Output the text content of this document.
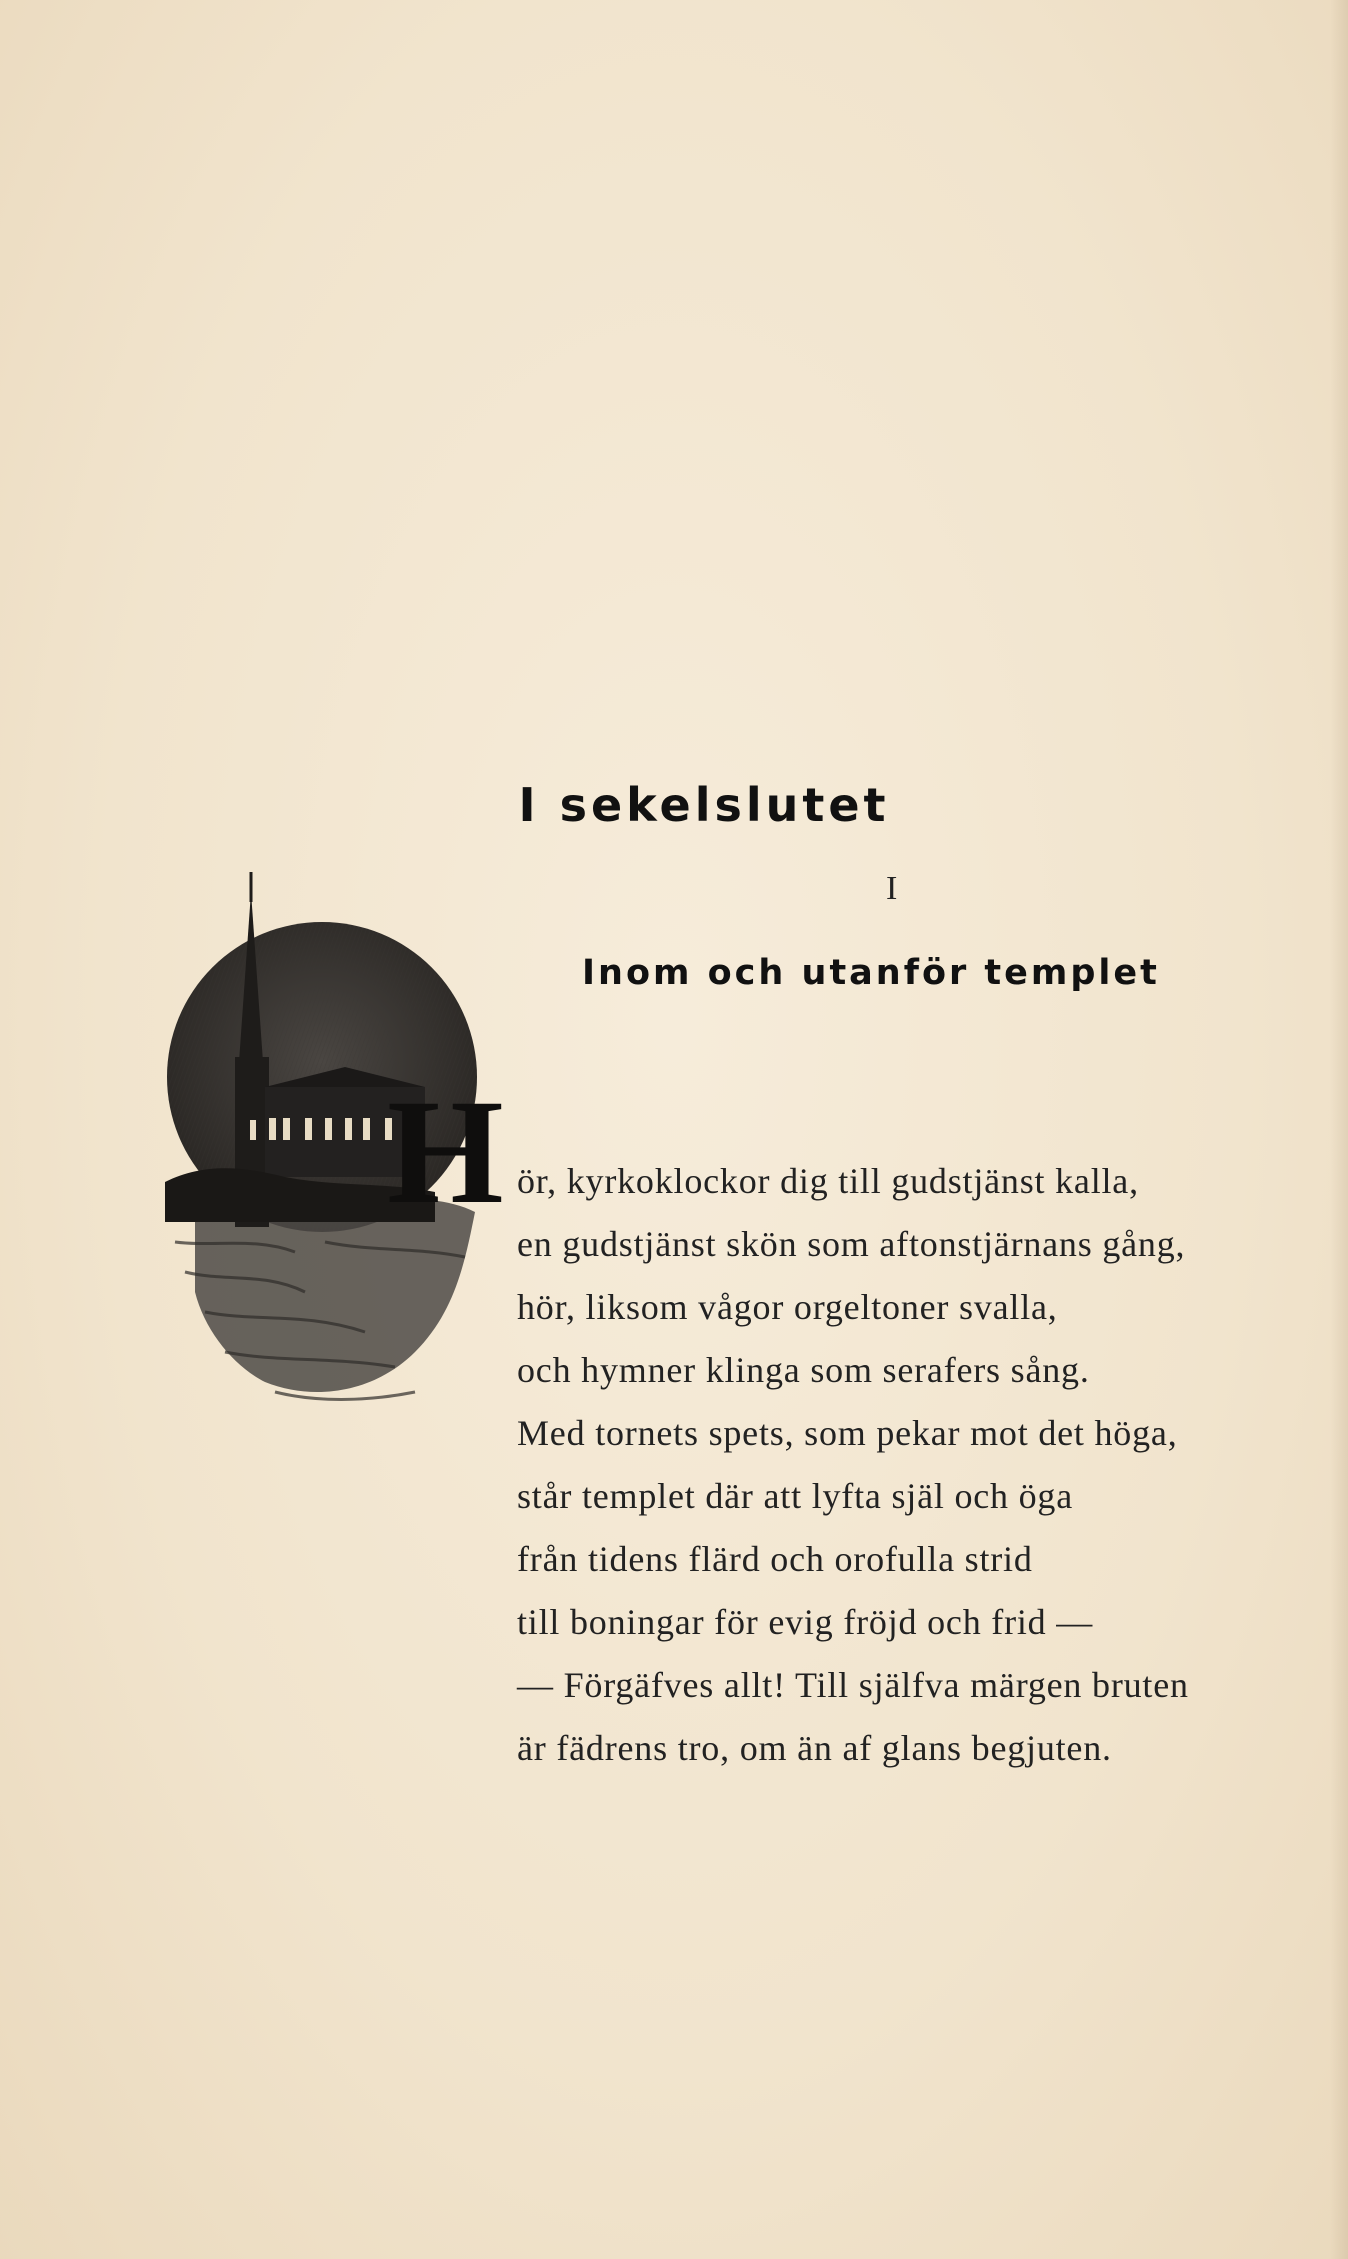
I sekelslutet
I
Inom och utanför templet
H ör, kyrkoklockor dig till gudstjänst kalla,
en gudstjänst skön som aftonstjärnans gång,
hör, liksom vågor orgeltoner svalla,
och hymner klinga som serafers sång.
Med tornets spets, som pekar mot det höga,
står templet där att lyfta själ och öga
från tidens flärd och orofulla strid
till boningar för evig fröjd och frid —
— Förgäfves allt! Till själfva märgen bruten
är fädrens tro, om än af glans begjuten.
